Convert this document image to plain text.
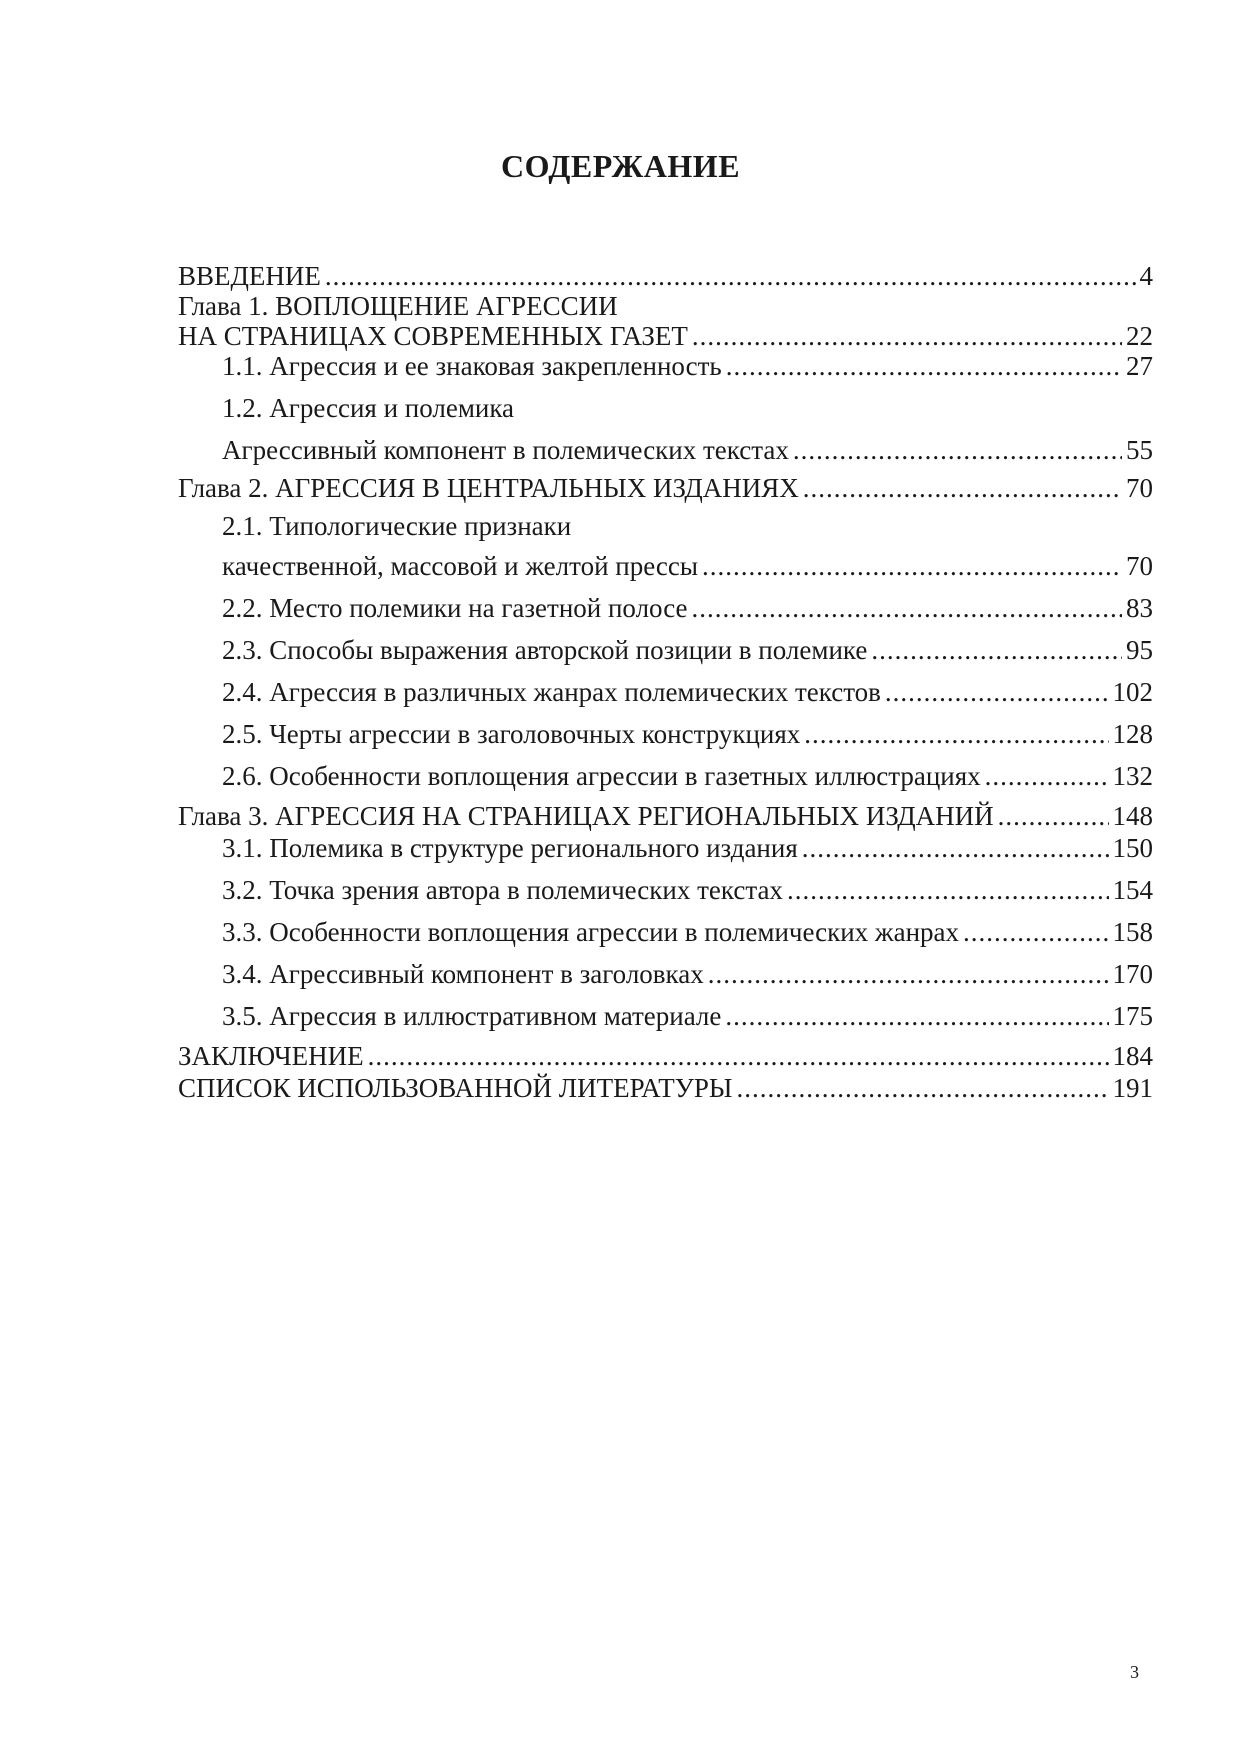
СОДЕРЖАНИЕ
ВВЕДЕНИЕ .....	4
Глава 1. ВОПЛОЩЕНИЕ АГРЕССИИ
НА СТРАНИЦАХ СОВРЕМЕННЫХ ГАЗЕТ .....	22
1.1. Агрессия и ее знаковая закрепленность .....	27
1.2. Агрессия и полемика
Агрессивный компонент в полемических текстах .....	55
Глава 2. АГРЕССИЯ В ЦЕНТРАЛЬНЫХ ИЗДАНИЯХ .....	70
2.1. Типологические признаки
качественной, массовой и желтой прессы .....	70
2.2. Место полемики на газетной полосе .....	83
2.3. Способы выражения авторской позиции в полемике .....	95
2.4. Агрессия в различных жанрах полемических текстов .....	102
2.5. Черты агрессии в заголовочных конструкциях .....	128
2.6. Особенности воплощения агрессии в газетных иллюстрациях .....	132
Глава 3. АГРЕССИЯ НА СТРАНИЦАХ РЕГИОНАЛЬНЫХ ИЗДАНИЙ .....	148
3.1. Полемика в структуре регионального издания .....	150
3.2. Точка зрения автора в полемических текстах .....	154
3.3. Особенности воплощения агрессии в полемических жанрах .....	158
3.4. Агрессивный компонент в заголовках .....	170
3.5. Агрессия в иллюстративном материале .....	175
ЗАКЛЮЧЕНИЕ .....	184
СПИСОК ИСПОЛЬЗОВАННОЙ ЛИТЕРАТУРЫ .....	191
3
